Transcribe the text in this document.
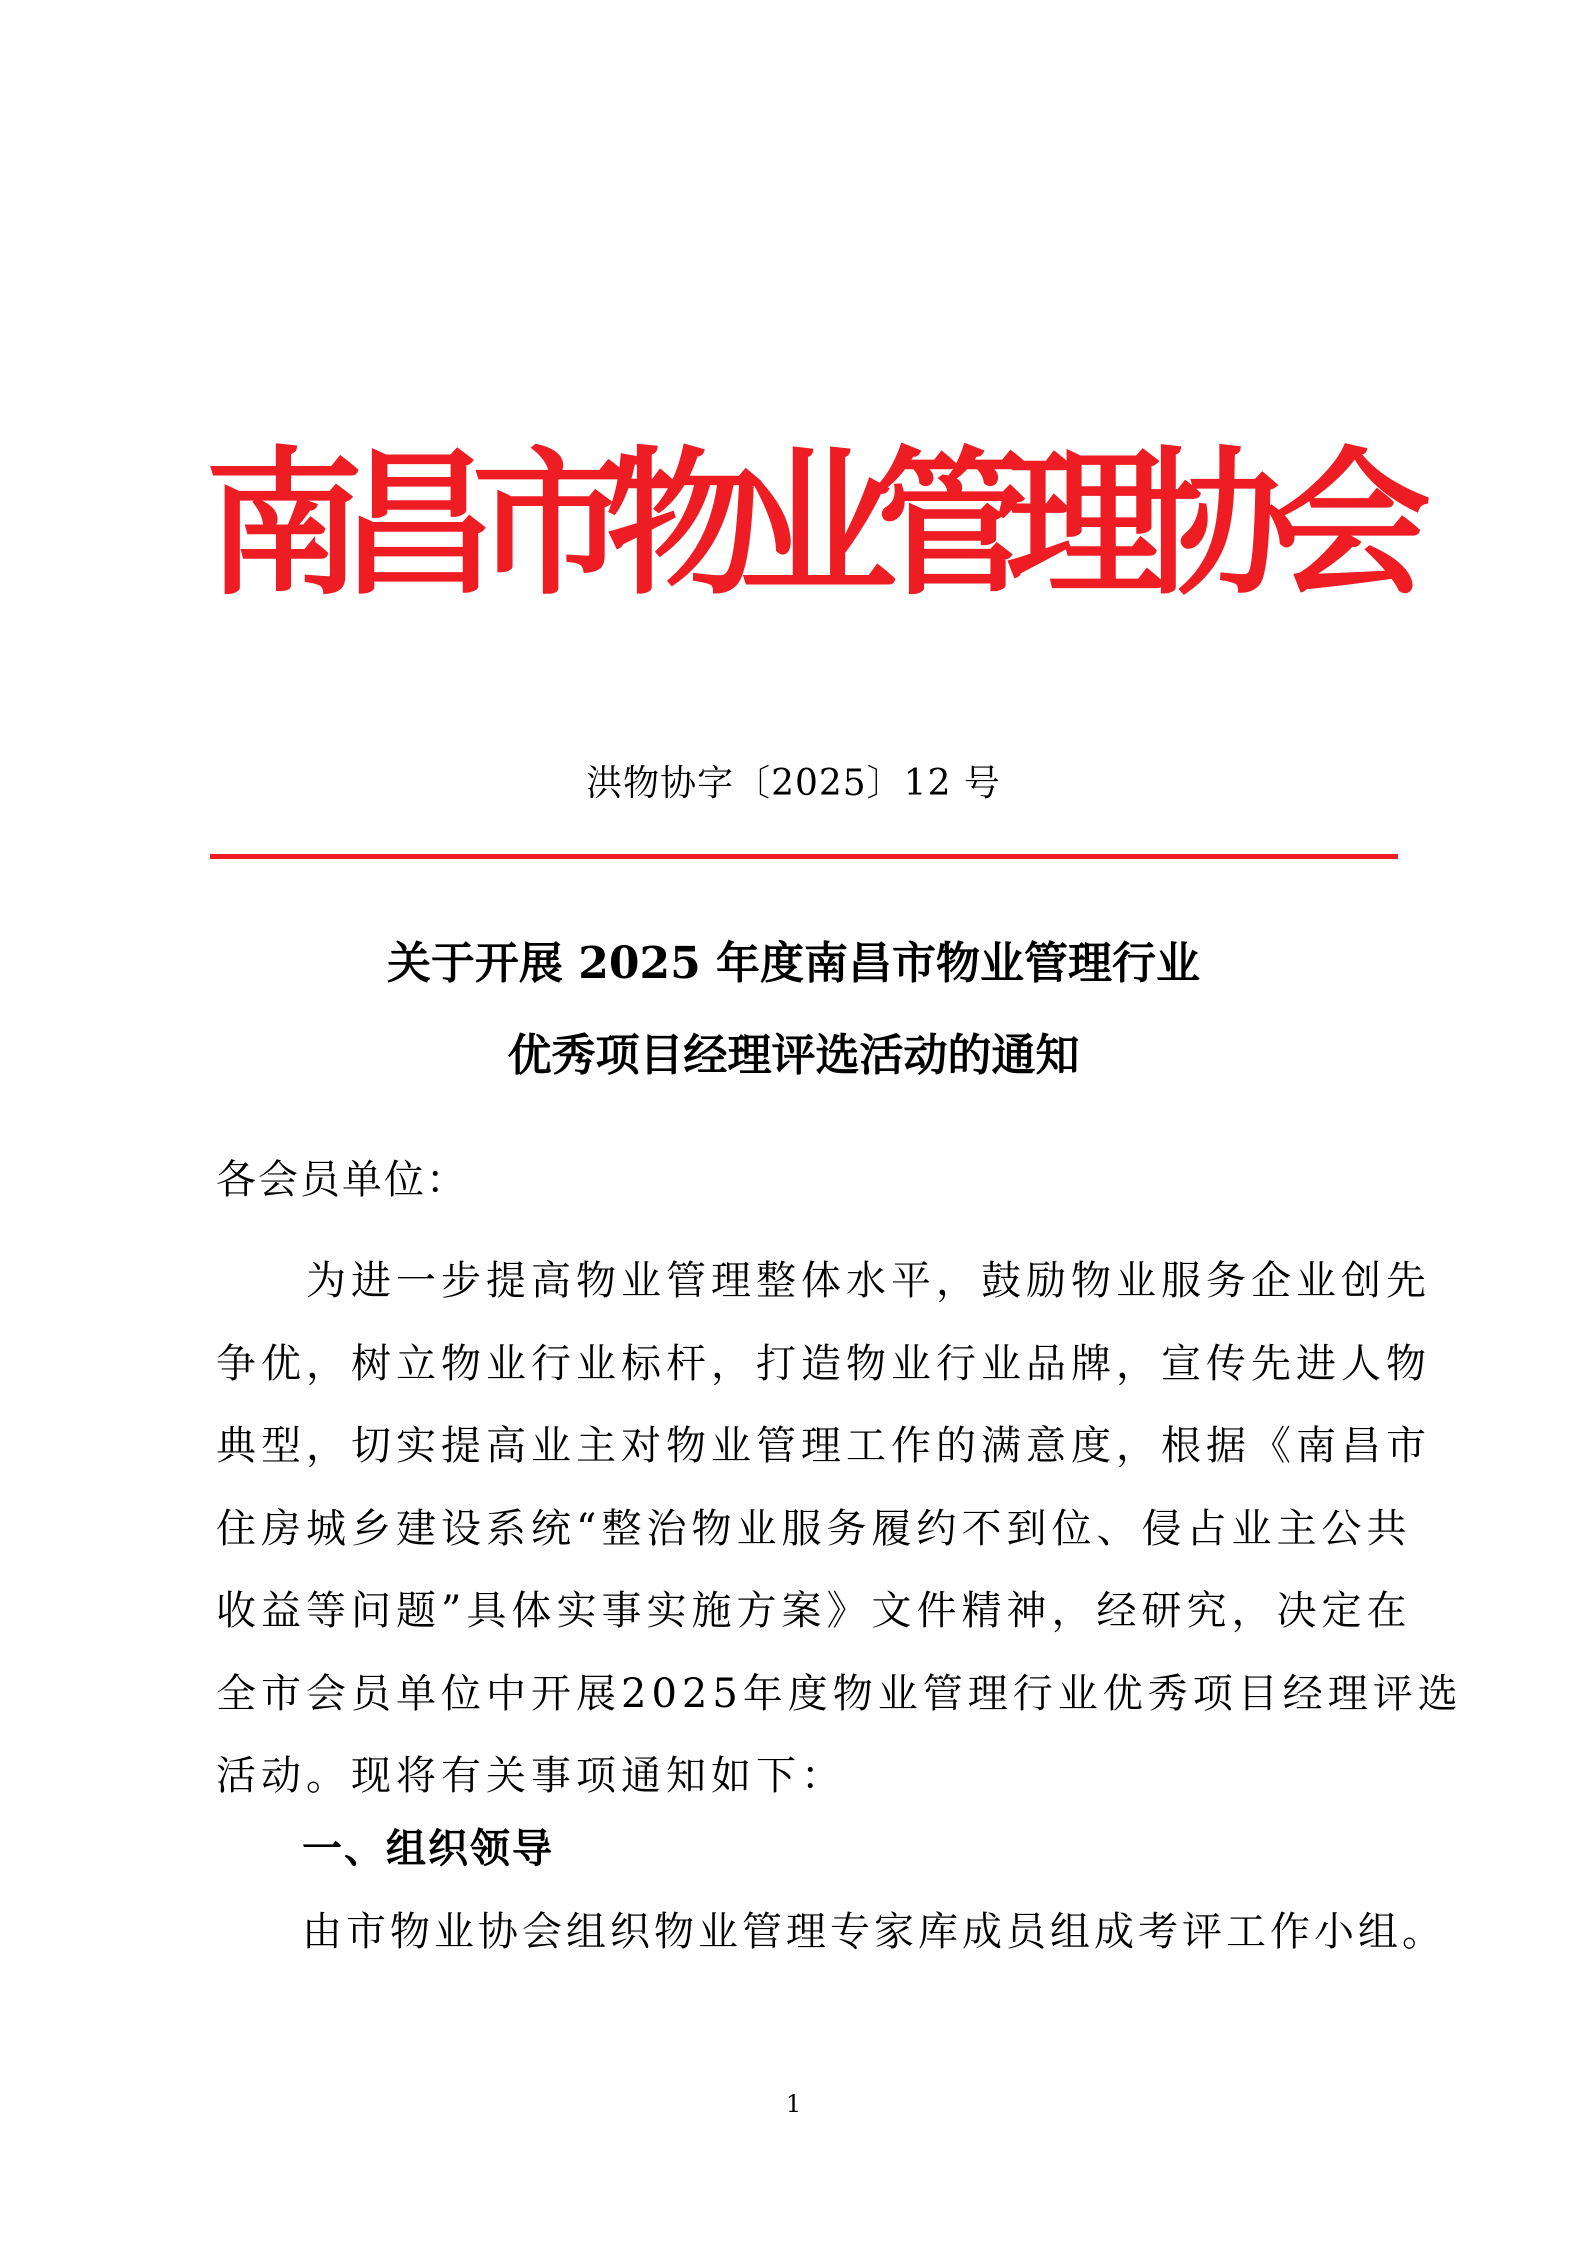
南
昌
市
物
业
管
理
协
会
洪物协字〔2025〕12 号
关于开展 2025 年度南昌市物业管理行业
优秀项目经理评选活动的通知
各会员单位：
　　为进一步提高物业管理整体水平，鼓励物业服务企业创先
争优，树立物业行业标杆，打造物业行业品牌，宣传先进人物
典型，切实提高业主对物业管理工作的满意度，根据《南昌市
住房城乡建设系统“整治物业服务履约不到位、侵占业主公共
收益等问题”具体实事实施方案》文件精神，经研究，决定在
全市会员单位中开展2025年度物业管理行业优秀项目经理评选
活动。现将有关事项通知如下：
一、组织领导
由市物业协会组织物业管理专家库成员组成考评工作小组。
1
